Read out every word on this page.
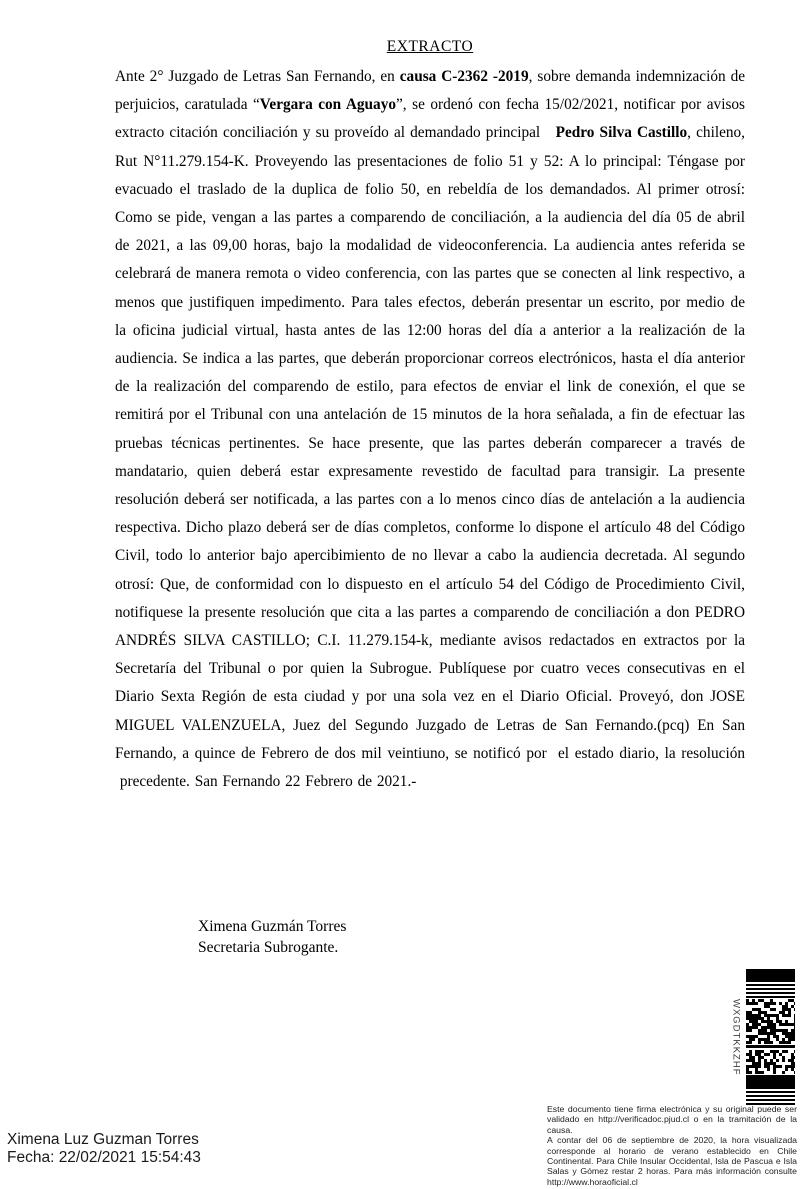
EXTRACTO
Ante 2° Juzgado de Letras San Fernando, en causa C-2362 -2019, sobre demanda indemnización de perjuicios, caratulada “Vergara con Aguayo”, se ordenó con fecha 15/02/2021, notificar por avisos extracto citación conciliación y su proveído al demandado principal   Pedro Silva Castillo, chileno, Rut N°11.279.154-K. Proveyendo las presentaciones de folio 51 y 52: A lo principal: Téngase por evacuado el traslado de la duplica de folio 50, en rebeldía de los demandados. Al primer otrosí: Como se pide, vengan a las partes a comparendo de conciliación, a la audiencia del día 05 de abril de 2021, a las 09,00 horas, bajo la modalidad de videoconferencia. La audiencia antes referida se celebrará de manera remota o video conferencia, con las partes que se conecten al link respectivo, a menos que justifiquen impedimento. Para tales efectos, deberán presentar un escrito, por medio de la oficina judicial virtual, hasta antes de las 12:00 horas del día a anterior a la realización de la audiencia. Se indica a las partes, que deberán proporcionar correos electrónicos, hasta el día anterior de la realización del comparendo de estilo, para efectos de enviar el link de conexión, el que se remitirá por el Tribunal con una antelación de 15 minutos de la hora señalada, a fin de efectuar las pruebas técnicas pertinentes. Se hace presente, que las partes deberán comparecer a través de mandatario, quien deberá estar expresamente revestido de facultad para transigir. La presente resolución deberá ser notificada, a las partes con a lo menos cinco días de antelación a la audiencia respectiva. Dicho plazo deberá ser de días completos, conforme lo dispone el artículo 48 del Código Civil, todo lo anterior bajo apercibimiento de no llevar a cabo la audiencia decretada. Al segundo otrosí: Que, de conformidad con lo dispuesto en el artículo 54 del Código de Procedimiento Civil, notifiquese la presente resolución que cita a las partes a comparendo de conciliación a don PEDRO ANDRÉS SILVA CASTILLO; C.I. 11.279.154-k, mediante avisos redactados en extractos por la Secretaría del Tribunal o por quien la Subrogue. Publíquese por cuatro veces consecutivas en el Diario Sexta Región de esta ciudad y por una sola vez en el Diario Oficial. Proveyó, don JOSE MIGUEL VALENZUELA, Juez del Segundo Juzgado de Letras de San Fernando.(pcq) En San Fernando, a quince de Febrero de dos mil veintiuno, se notificó por  el estado diario, la resolución  precedente. San Fernando 22 Febrero de 2021.-
Ximena Guzmán Torres
Secretaria Subrogante.
WXGDTKKZHF

Este documento tiene firma electrónica y su original puede ser validado en http://verificadoc.pjud.cl o en la tramitación de la causa.

A contar del 06 de septiembre de 2020, la hora visualizada corresponde al horario de verano establecido en Chile Continental. Para Chile Insular Occidental, Isla de Pascua e Isla Salas y Gómez restar 2 horas. Para más información consulte http://www.horaoficial.cl

Ximena Luz Guzman Torres
Fecha: 22/02/2021 15:54:43
